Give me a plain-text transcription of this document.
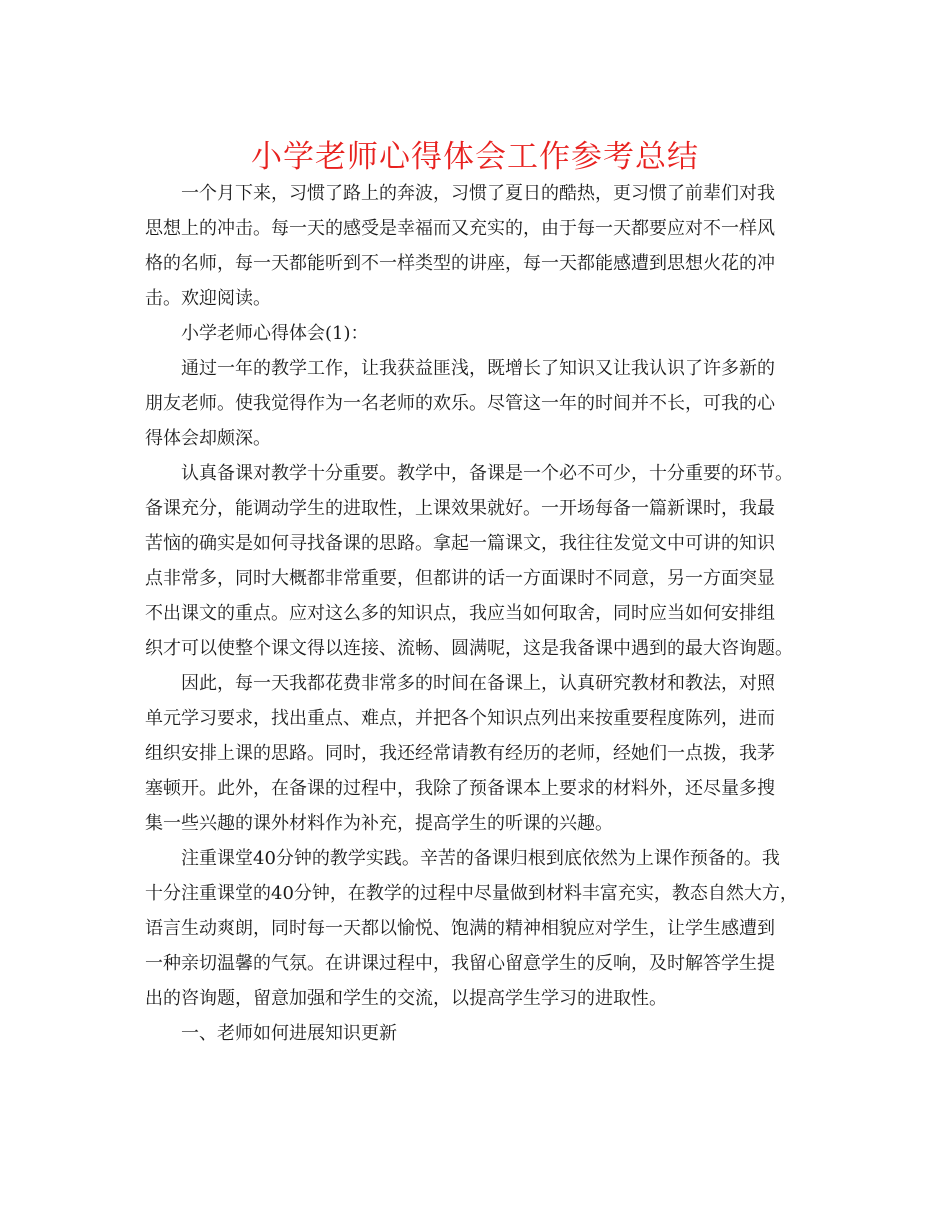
小学老师心得体会工作参考总结

一个月下来，习惯了路上的奔波，习惯了夏日的酷热，更习惯了前辈们对我
思想上的冲击。每一天的感受是幸福而又充实的，由于每一天都要应对不一样风
格的名师，每一天都能听到不一样类型的讲座，每一天都能感遭到思想火花的冲
击。欢迎阅读。

小学老师心得体会(1)：

通过一年的教学工作，让我获益匪浅，既增长了知识又让我认识了许多新的
朋友老师。使我觉得作为一名老师的欢乐。尽管这一年的时间并不长，可我的心
得体会却颇深。

认真备课对教学十分重要。教学中，备课是一个必不可少，十分重要的环节。
备课充分，能调动学生的进取性，上课效果就好。一开场每备一篇新课时，我最
苦恼的确实是如何寻找备课的思路。拿起一篇课文，我往往发觉文中可讲的知识
点非常多，同时大概都非常重要，但都讲的话一方面课时不同意，另一方面突显
不出课文的重点。应对这么多的知识点，我应当如何取舍，同时应当如何安排组
织才可以使整个课文得以连接、流畅、圆满呢，这是我备课中遇到的最大咨询题。

因此，每一天我都花费非常多的时间在备课上，认真研究教材和教法，对照
单元学习要求，找出重点、难点，并把各个知识点列出来按重要程度陈列，进而
组织安排上课的思路。同时，我还经常请教有经历的老师，经她们一点拨，我茅
塞顿开。此外，在备课的过程中，我除了预备课本上要求的材料外，还尽量多搜
集一些兴趣的课外材料作为补充，提高学生的听课的兴趣。

注重课堂40分钟的教学实践。辛苦的备课归根到底依然为上课作预备的。我
十分注重课堂的40分钟，在教学的过程中尽量做到材料丰富充实，教态自然大方，
语言生动爽朗，同时每一天都以愉悦、饱满的精神相貌应对学生，让学生感遭到
一种亲切温馨的气氛。在讲课过程中，我留心留意学生的反响，及时解答学生提
出的咨询题，留意加强和学生的交流，以提高学生学习的进取性。

一、老师如何进展知识更新
